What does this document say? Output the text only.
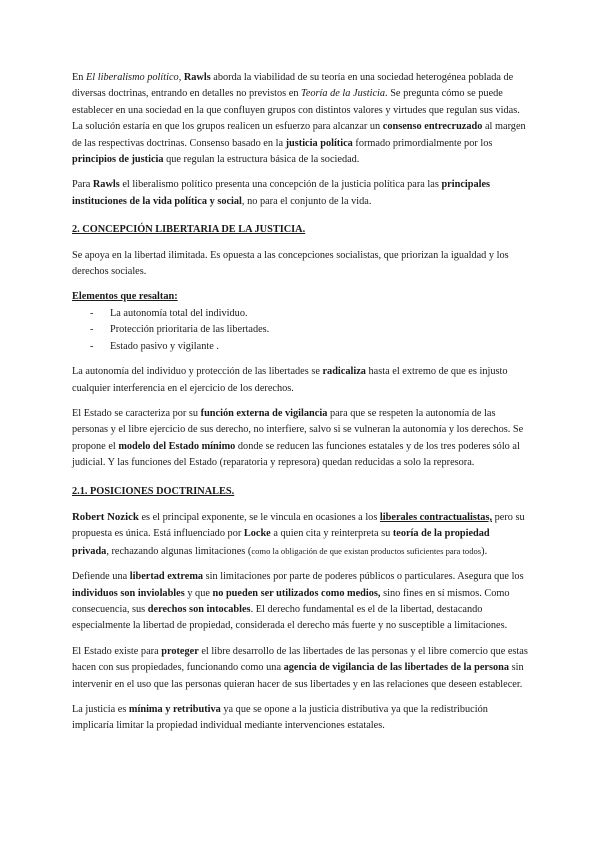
En El liberalismo político, Rawls aborda la viabilidad de su teoría en una sociedad heterogénea poblada de diversas doctrinas, entrando en detalles no previstos en Teoría de la Justicia. Se pregunta cómo se puede establecer en una sociedad en la que confluyen grupos con distintos valores y virtudes que regulan sus vidas. La solución estaría en que los grupos realicen un esfuerzo para alcanzar un consenso entrecruzado al margen de las respectivas doctrinas. Consenso basado en la justicia política formado primordialmente por los principios de justicia que regulan la estructura básica de la sociedad.

Para Rawls el liberalismo político presenta una concepción de la justicia política para las principales instituciones de la vida política y social, no para el conjunto de la vida.

2. CONCEPCIÓN LIBERTARIA DE LA JUSTICIA.

Se apoya en la libertad ilimitada. Es opuesta a las concepciones socialistas, que priorizan la igualdad y los derechos sociales.

Elementos que resaltan:

- La autonomía total del individuo.
- Protección prioritaria de las libertades.
- Estado pasivo y vigilante .

La autonomía del individuo y protección de las libertades se radicaliza hasta el extremo de que es injusto cualquier interferencia en el ejercicio de los derechos.

El Estado se caracteriza por su función externa de vigilancia para que se respeten la autonomía de las personas y el libre ejercicio de sus derecho, no interfiere, salvo si se vulneran la autonomía y los derechos. Se propone el modelo del Estado mínimo donde se reducen las funciones estatales y de los tres poderes sólo al judicial. Y las funciones del Estado (reparatoria y represora) quedan reducidas a solo la represora.

2.1. POSICIONES DOCTRINALES.

Robert Nozick es el principal exponente, se le vincula en ocasiones a los liberales contractualistas, pero su propuesta es única. Está influenciado por Locke a quien cita y reinterpreta su teoría de la propiedad privada, rechazando algunas limitaciones (como la obligación de que existan productos suficientes para todos).

Defiende una libertad extrema sin limitaciones por parte de poderes públicos o particulares. Asegura que los individuos son inviolables y que no pueden ser utilizados como medios, sino fines en sí mismos. Como consecuencia, sus derechos son intocables. El derecho fundamental es el de la libertad, destacando especialmente la libertad de propiedad, considerada el derecho más fuerte y no susceptible a limitaciones.

El Estado existe para proteger el libre desarrollo de las libertades de las personas y el libre comercio que estas hacen con sus propiedades, funcionando como una agencia de vigilancia de las libertades de la persona sin intervenir en el uso que las personas quieran hacer de sus libertades y en las relaciones que deseen establecer.

La justicia es mínima y retributiva ya que se opone a la justicia distributiva ya que la redistribución implicaría limitar la propiedad individual mediante intervenciones estatales.
